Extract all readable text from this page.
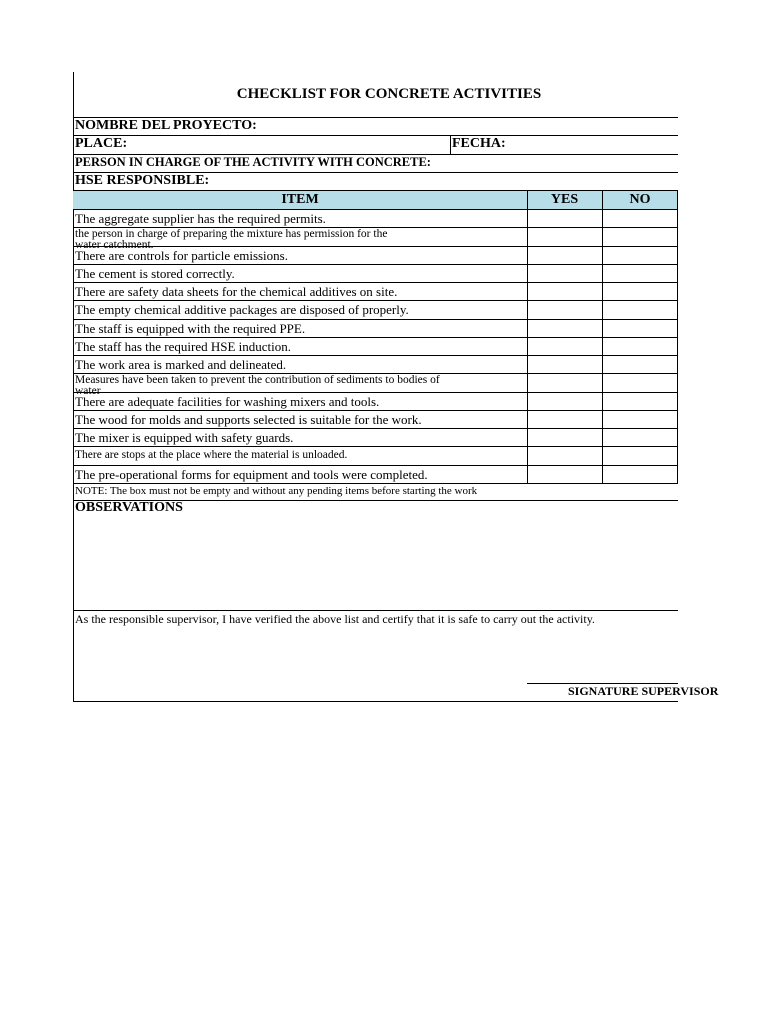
CHECKLIST FOR CONCRETE ACTIVITIES
NOMBRE DEL PROYECTO:
PLACE:	FECHA:
PERSON IN CHARGE OF THE ACTIVITY WITH CONCRETE:
HSE RESPONSIBLE:
ITEM	YES	NO
The aggregate supplier has the required permits.
the person in charge of preparing the mixture has permission for the
water catchment.
There are controls for particle emissions.
The cement is stored correctly.
There are safety data sheets for the chemical additives on site.
The empty chemical additive packages are disposed of properly.
The staff is equipped with the required PPE.
The staff has the required HSE induction.
The work area is marked and delineated.
Measures have been taken to prevent the contribution of sediments to bodies of
water
There are adequate facilities for washing mixers and tools.
The wood for molds and supports selected is suitable for the work.
The mixer is equipped with safety guards.
There are stops at the place where the material is unloaded.
The pre-operational forms for equipment and tools were completed.
NOTE: The box must not be empty and without any pending items before starting the work
OBSERVATIONS
As the responsible supervisor, I have verified the above list and certify that it is safe to carry out the activity.
SIGNATURE SUPERVISOR
